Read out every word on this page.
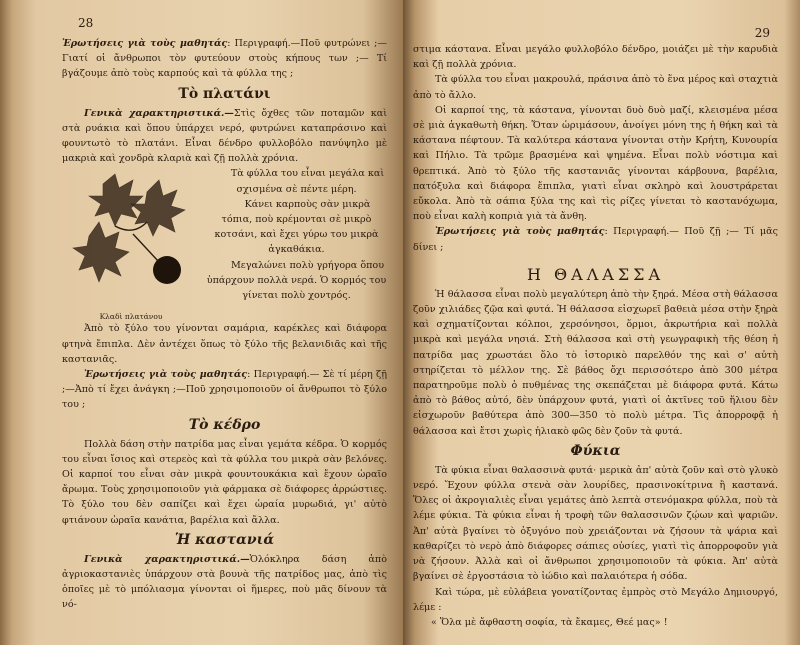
28

Ἐρωτήσεις γιὰ τοὺς μαθητάς: Περιγραφή.—Ποῦ φυτρώνει ;—Γιατί οἱ ἄνθρωποι τὸν φυτεύουν στοὺς κήπους των ;— Τί βγάζουμε ἀπὸ τοὺς καρπούς καὶ τὰ φύλλα της ;

Τὸ πλατάνι

Γενικὰ χαρακτηριστικά.—Στὶς ὄχθες τῶν ποταμῶν καὶ στὰ ρυάκια καὶ ὅπου ὑπάρχει νερό, φυτρώνει καταπράσινο καὶ φουντωτὸ τὸ πλατάνι. Εἶναι δένδρο φυλλοβόλο πανύψηλο μὲ μακριὰ καὶ χονδρὰ κλαριὰ καὶ ζῇ πολλὰ χρόνια.

Κλαδὶ πλατάνου

Τὰ φύλλα του εἶναι μεγάλα καὶ σχισμένα σὲ πέντε μέρη.

Κάνει καρποὺς σὰν μικρὰ τόπια, ποὺ κρέμονται σὲ μικρὸ κοτσάνι, καὶ ἔχει γύρω του μικρὰ ἀγκαθάκια.

Μεγαλώνει πολὺ γρήγορα ὅπου ὑπάρχουν πολλὰ νερά. Ὁ κορμός του γίνεται πολὺ χοντρός.

Ἀπὸ τὸ ξύλο του γίνονται σαμάρια, καρέκλες καὶ διάφορα φτηνὰ ἔπιπλα. Δὲν ἀντέχει ὅπως τὸ ξύλο τῆς βελανιδιᾶς καὶ τῆς καστανιᾶς.

Ἐρωτήσεις γιὰ τοὺς μαθητάς: Περιγραφή.— Σὲ τί μέρη ζῇ ;—Ἀπὸ τί ἔχει ἀνάγκη ;—Ποῦ χρησιμοποιοῦν οἱ ἄνθρωποι τὸ ξύλο του ;

Τὸ κέδρο

Πολλὰ δάση στὴν πατρίδα μας εἶναι γεμάτα κέδρα. Ὁ κορμός του εἶναι ἴσιος καὶ στερεὸς καὶ τὰ φύλλα του μικρὰ σὰν βελόνες. Οἱ καρποί του εἶναι σὰν μικρὰ φουντουκάκια καὶ ἔχουν ὡραῖο ἄρωμα. Τοὺς χρησιμοποιοῦν γιὰ φάρμακα σὲ διάφορες ἀρρώστιες. Τὸ ξύλο του δὲν σαπίζει καὶ ἔχει ὡραία μυρωδιά, γι' αὐτὸ φτιάνουν ὡραῖα κανάτια, βαρέλια καὶ ἄλλα.

Ἡ καστανιά

Γενικὰ χαρακτηριστικά.—Ὁλόκληρα δάση ἀπὸ ἀγριοκαστανιὲς ὑπάρχουν στὰ βουνὰ τῆς πατρίδος μας, ἀπὸ τὶς ὁποῖες μὲ τὸ μπόλιασμα γίνονται οἱ ἥμερες, ποὺ μᾶς δίνουν τὰ νό-

29

στιμα κάστανα. Εἶναι μεγάλο φυλλοβόλο δένδρο, μοιάζει μὲ τὴν καρυδιὰ καὶ ζῇ πολλὰ χρόνια.

Τὰ φύλλα του εἶναι μακρουλά, πράσινα ἀπὸ τὸ ἕνα μέρος καὶ σταχτιὰ ἀπὸ τὸ ἄλλο.

Οἱ καρποί της, τὰ κάστανα, γίνονται δυὸ δυὸ μαζί, κλεισμένα μέσα σὲ μιὰ ἀγκαθωτὴ θήκη. Ὅταν ὡριμάσουν, ἀνοίγει μόνη της ἡ θήκη καὶ τὰ κάστανα πέφτουν. Τὰ καλύτερα κάστανα γίνονται στὴν Κρήτη, Κυνουρία καὶ Πήλιο. Τὰ τρῶμε βρασμένα καὶ ψημένα. Εἶναι πολὺ νόστιμα καὶ θρεπτικά. Ἀπὸ τὸ ξύλο τῆς καστανιᾶς γίνονται κάρβουνα, βαρέλια, πατόξυλα καὶ διάφορα ἔπιπλα, γιατὶ εἶναι σκληρὸ καὶ λουστράρεται εὔκολα. Ἀπὸ τὰ σάπια ξύλα της καὶ τὶς ρίζες γίνεται τὸ καστανόχωμα, ποὺ εἶναι καλὴ κοπριὰ γιὰ τὰ ἄνθη.

Ἐρωτήσεις γιὰ τοὺς μαθητάς: Περιγραφή.— Ποῦ ζῇ ;— Τί μᾶς δίνει ;

Η ΘΑΛΑΣΣΑ

Ἡ θάλασσα εἶναι πολὺ μεγαλύτερη ἀπὸ τὴν ξηρά. Μέσα στὴ θάλασσα ζοῦν χιλιάδες ζῷα καὶ φυτά. Ἡ θάλασσα εἰσχωρεῖ βαθειὰ μέσα στὴν ξηρὰ καὶ σχηματίζονται κόλποι, χερσόνησοι, ὅρμοι, ἀκρωτήρια καὶ πολλὰ μικρὰ καὶ μεγάλα νησιά. Στὴ θάλασσα καὶ στὴ γεωγραφικὴ τῆς θέση ἡ πατρίδα μας χρωστάει ὅλο τὸ ἱστορικὸ παρελθόν της καὶ σ' αὐτὴ στηρίζεται τὸ μέλλον της. Σὲ βάθος ὄχι περισσότερο ἀπὸ 300 μέτρα παρατηροῦμε πολὺ ὁ πυθμένας της σκεπάζεται μὲ διάφορα φυτά. Κάτω ἀπὸ τὸ βάθος αὐτό, δὲν ὑπάρχουν φυτά, γιατὶ οἱ ἀκτῖνες τοῦ ἥλιου δὲν εἰσχωροῦν βαθύτερα ἀπὸ 300—350 τὸ πολὺ μέτρα. Τὶς ἀπορροφᾷ ἡ θάλασσα καὶ ἔτσι χωρὶς ἡλιακὸ φῶς δὲν ζοῦν τὰ φυτά.

Φύκια

Τὰ φύκια εἶναι θαλασσινὰ φυτά· μερικὰ ἀπ' αὐτὰ ζοῦν καὶ στὸ γλυκὸ νερό. Ἔχουν φύλλα στενὰ σὰν λουρίδες, πρασινοκίτρινα ἢ καστανά. Ὅλες οἱ ἀκρογιαλιὲς εἶναι γεμάτες ἀπὸ λεπτὰ στενόμακρα φύλλα, ποὺ τὰ λέμε φύκια. Τὰ φύκια εἶναι ἡ τροφὴ τῶν θαλασσινῶν ζῴων καὶ ψαριῶν. Ἀπ' αὐτὰ βγαίνει τὸ ὀξυγόνο ποὺ χρειάζονται νὰ ζήσουν τὰ ψάρια καὶ καθαρίζει τὸ νερὸ ἀπὸ διάφορες σάπιες οὐσίες, γιατὶ τὶς ἀπορροφοῦν γιὰ νὰ ζήσουν. Ἀλλὰ καὶ οἱ ἄνθρωποι χρησιμοποιοῦν τὰ φύκια. Ἀπ' αὐτὰ βγαίνει σὲ ἐργοστάσια τὸ ἰώδιο καὶ παλαιότερα ἡ σόδα.

Καὶ τώρα, μὲ εὐλάβεια γονατίζοντας ἐμπρὸς στὸ Μεγάλο Δημιουργό, λέμε :

« Ὅλα μὲ ἄφθαστη σοφία, τὰ ἔκαμες, Θεέ μας» !
